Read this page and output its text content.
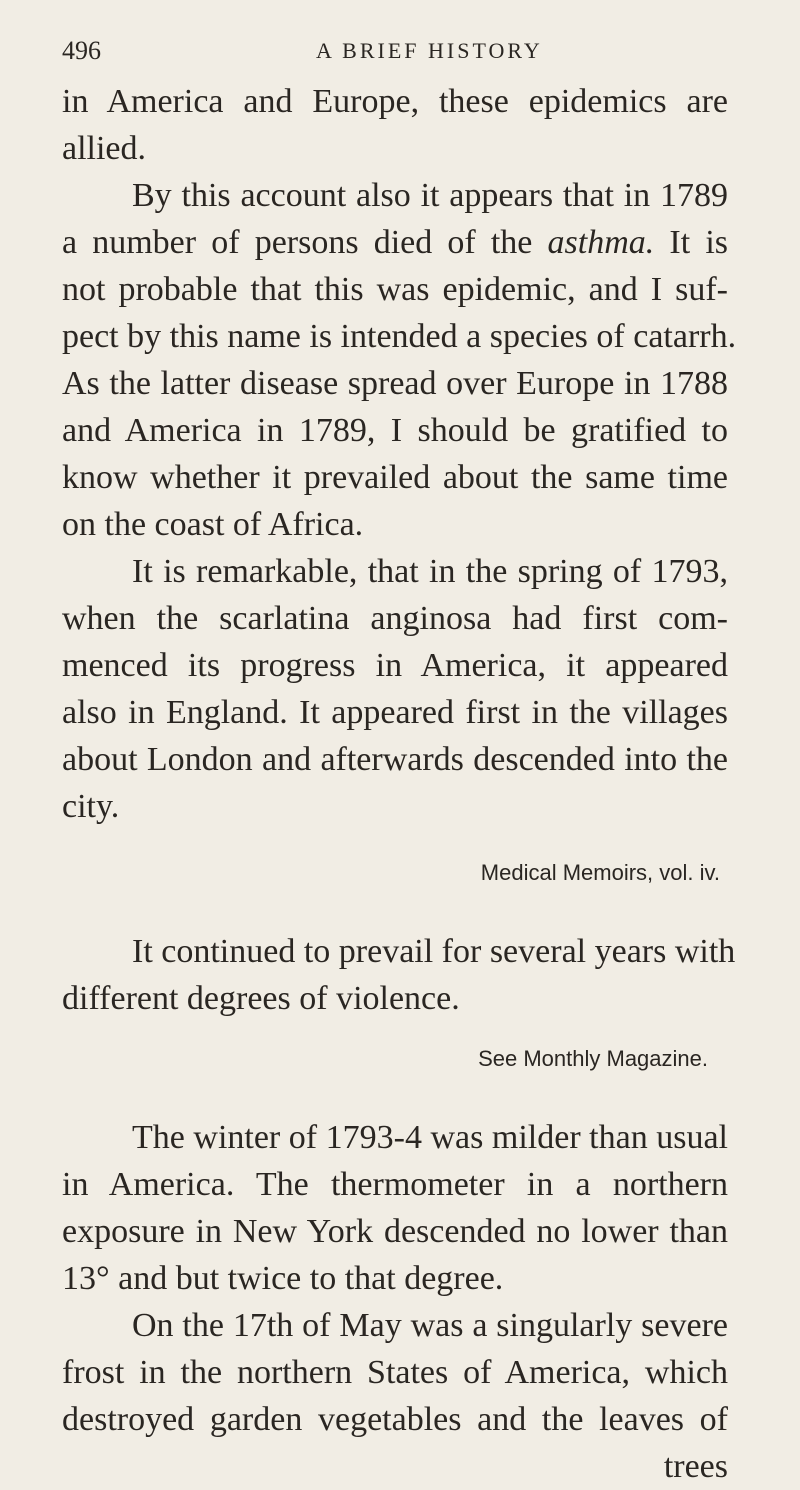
496	A BRIEF HISTORY
in America and Europe, these epidemics are
allied.
By this account also it appears that in 1789
a number of persons died of the asthma. It is
not probable that this was epidemic, and I suf-
pect by this name is intended a species of catarrh.
As the latter disease spread over Europe in 1788
and America in 1789, I should be gratified to
know whether it prevailed about the same time
on the coast of Africa.
It is remarkable, that in the spring of 1793,
when the scarlatina anginosa had first com-
menced its progress in America, it appeared
also in England. It appeared first in the villages
about London and afterwards descended into the
city.
Medical Memoirs, vol. iv.
It continued to prevail for several years with
different degrees of violence.
See Monthly Magazine.
The winter of 1793-4 was milder than usual
in America. The thermometer in a northern
exposure in New York descended no lower than
13° and but twice to that degree.
On the 17th of May was a singularly severe
frost in the northern States of America, which
destroyed garden vegetables and the leaves of
trees
